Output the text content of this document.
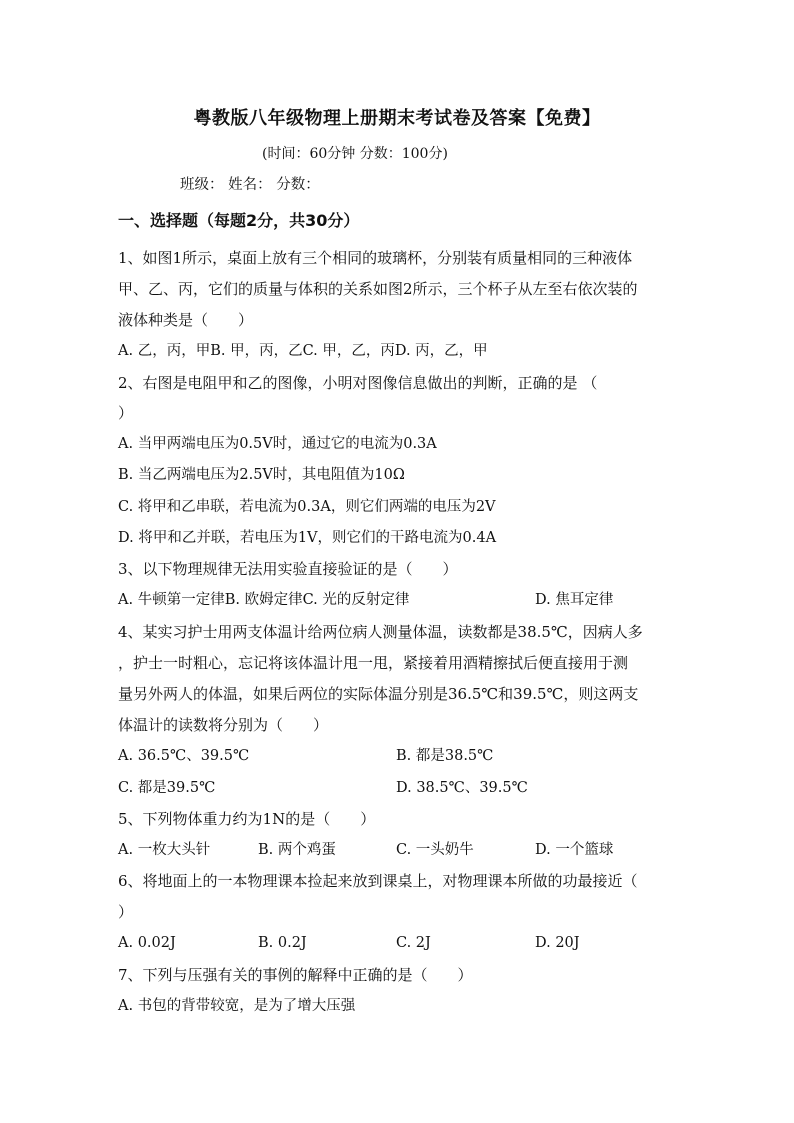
粤教版八年级物理上册期末考试卷及答案【免费】
(时间：60分钟 分数：100分)
班级： 姓名： 分数：
一、选择题（每题2分，共30分）
1、如图1所示，桌面上放有三个相同的玻璃杯，分别装有质量相同的三种液体
甲、乙、丙，它们的质量与体积的关系如图2所示，三个杯子从左至右依次装的
液体种类是（　　）
A. 乙，丙，甲B. 甲，丙，乙C. 甲，乙，丙D. 丙，乙，甲
2、右图是电阻甲和乙的图像，小明对图像信息做出的判断，正确的是 （
）
A. 当甲两端电压为0.5V时，通过它的电流为0.3A
B. 当乙两端电压为2.5V时，其电阻值为10Ω
C. 将甲和乙串联，若电流为0.3A，则它们两端的电压为2V
D. 将甲和乙并联，若电压为1V，则它们的干路电流为0.4A
3、以下物理规律无法用实验直接验证的是（　　）
A. 牛顿第一定律B. 欧姆定律C. 光的反射定律	D. 焦耳定律
4、某实习护士用两支体温计给两位病人测量体温，读数都是38.5℃，因病人多
，护士一时粗心，忘记将该体温计甩一甩，紧接着用酒精擦拭后便直接用于测
量另外两人的体温，如果后两位的实际体温分别是36.5℃和39.5℃，则这两支
体温计的读数将分别为（　　）
A. 36.5℃、39.5℃	B. 都是38.5℃
C. 都是39.5℃	D. 38.5℃、39.5℃
5、下列物体重力约为1N的是（　　）
A. 一枚大头针	B. 两个鸡蛋	C. 一头奶牛	D. 一个篮球
6、将地面上的一本物理课本捡起来放到课桌上，对物理课本所做的功最接近（
）
A. 0.02J	B. 0.2J	C. 2J	D. 20J
7、下列与压强有关的事例的解释中正确的是（　　）
A. 书包的背带较宽，是为了增大压强
